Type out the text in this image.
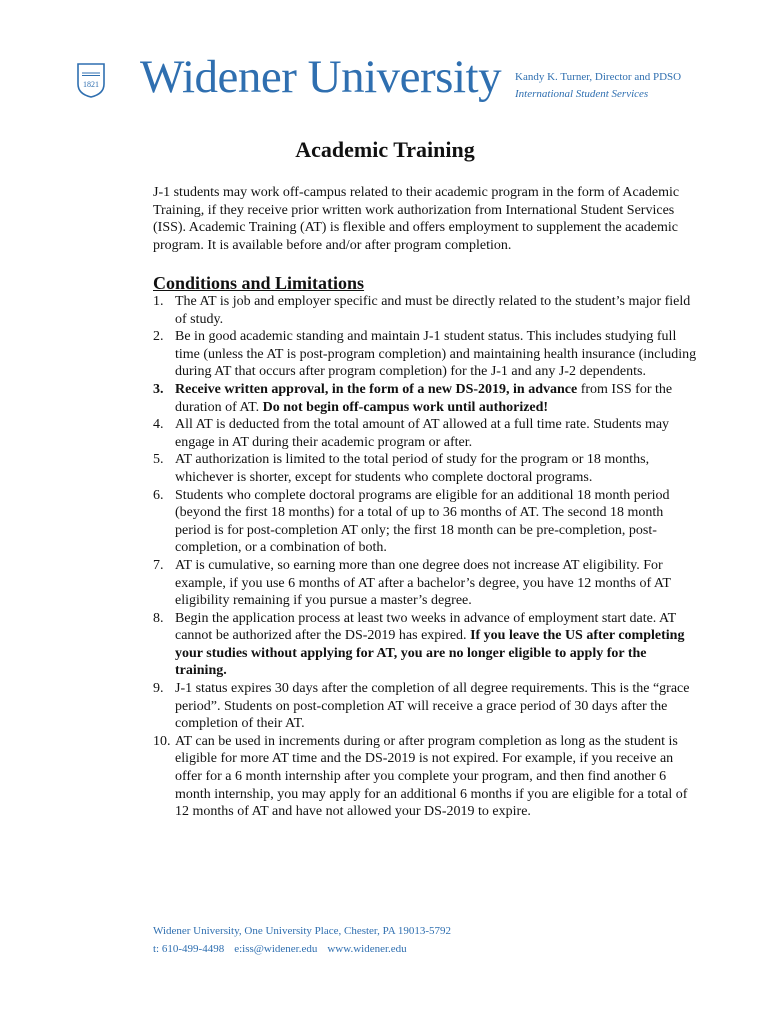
1821 Widener University Kandy K. Turner, Director and PDSO
International Student Services
Academic Training

J-1 students may work off-campus related to their academic program in the form of Academic Training, if they receive prior written work authorization from International Student Services (ISS). Academic Training (AT) is flexible and offers employment to supplement the academic program. It is available before and/or after program completion.

Conditions and Limitations
1. The AT is job and employer specific and must be directly related to the student’s major field of study.
2. Be in good academic standing and maintain J-1 student status. This includes studying full time (unless the AT is post-program completion) and maintaining health insurance (including during AT that occurs after program completion) for the J-1 and any J-2 dependents.
3. Receive written approval, in the form of a new DS-2019, in advance from ISS for the duration of AT. Do not begin off-campus work until authorized!
4. All AT is deducted from the total amount of AT allowed at a full time rate. Students may engage in AT during their academic program or after.
5. AT authorization is limited to the total period of study for the program or 18 months, whichever is shorter, except for students who complete doctoral programs.
6. Students who complete doctoral programs are eligible for an additional 18 month period (beyond the first 18 months) for a total of up to 36 months of AT. The second 18 month period is for post-completion AT only; the first 18 month can be pre-completion, post-completion, or a combination of both.
7. AT is cumulative, so earning more than one degree does not increase AT eligibility. For example, if you use 6 months of AT after a bachelor’s degree, you have 12 months of AT eligibility remaining if you pursue a master’s degree.
8. Begin the application process at least two weeks in advance of employment start date. AT cannot be authorized after the DS-2019 has expired. If you leave the US after completing your studies without applying for AT, you are no longer eligible to apply for the training.
9. J-1 status expires 30 days after the completion of all degree requirements. This is the “grace period”. Students on post-completion AT will receive a grace period of 30 days after the completion of their AT.
10. AT can be used in increments during or after program completion as long as the student is eligible for more AT time and the DS-2019 is not expired. For example, if you receive an offer for a 6 month internship after you complete your program, and then find another 6 month internship, you may apply for an additional 6 months if you are eligible for a total of 12 months of AT and have not allowed your DS-2019 to expire.
Widener University, One University Place, Chester, PA 19013-5792
t: 610-499-4498 e:iss@widener.edu www.widener.edu
